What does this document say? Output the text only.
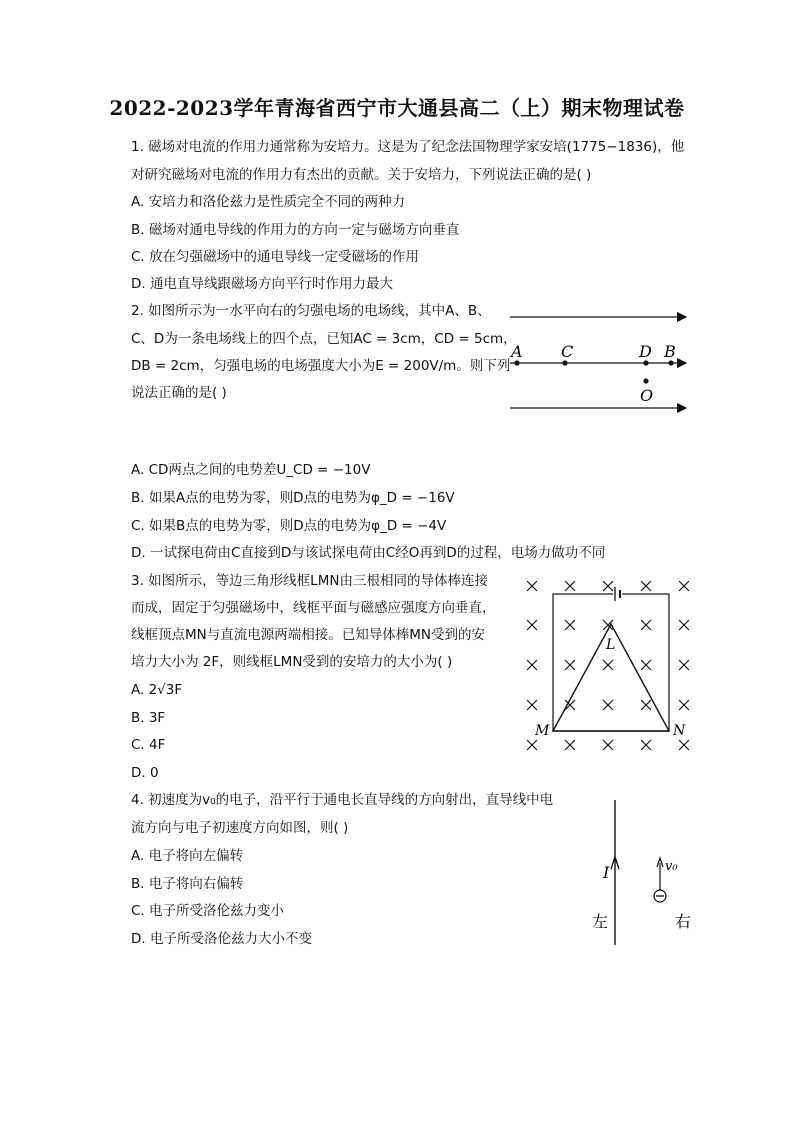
2022-2023学年青海省西宁市大通县高二（上）期末物理试卷
1. 磁场对电流的作用力通常称为安培力。这是为了纪念法国物理学家安培(1775−1836)，他
对研究磁场对电流的作用力有杰出的贡献。关于安培力，下列说法正确的是( )
A. 安培力和洛伦兹力是性质完全不同的两种力
B. 磁场对通电导线的作用力的方向一定与磁场方向垂直
C. 放在匀强磁场中的通电导线一定受磁场的作用
D. 通电直导线跟磁场方向平行时作用力最大
2. 如图所示为一水平向右的匀强电场的电场线，其中A、B、
C、D为一条电场线上的四个点，已知AC = 3cm，CD = 5cm，
DB = 2cm，匀强电场的电场强度大小为E = 200V/m。则下列
说法正确的是( )
A C	D B
O
A. CD两点之间的电势差U_CD = −10V
B. 如果A点的电势为零，则D点的电势为φ_D = −16V
C. 如果B点的电势为零，则D点的电势为φ_D = −4V
D. 一试探电荷由C直接到D与该试探电荷由C经O再到D的过程，电场力做功不同
3. 如图所示，等边三角形线框LMN由三根相同的导体棒连接
而成，固定于匀强磁场中，线框平面与磁感应强度方向垂直，
线框顶点MN与直流电源两端相接。已知导体棒MN受到的安
培力大小为 2F，则线框LMN受到的安培力的大小为( )
A. 2√3F
B. 3F
C. 4F
D. 0
L
M	N
4. 初速度为v₀的电子，沿平行于通电长直导线的方向射出，直导线中电
流方向与电子初速度方向如图，则( )
A. 电子将向左偏转
B. 电子将向右偏转
C. 电子所受洛伦兹力变小
D. 电子所受洛伦兹力大小不变
I	v₀
左	右
